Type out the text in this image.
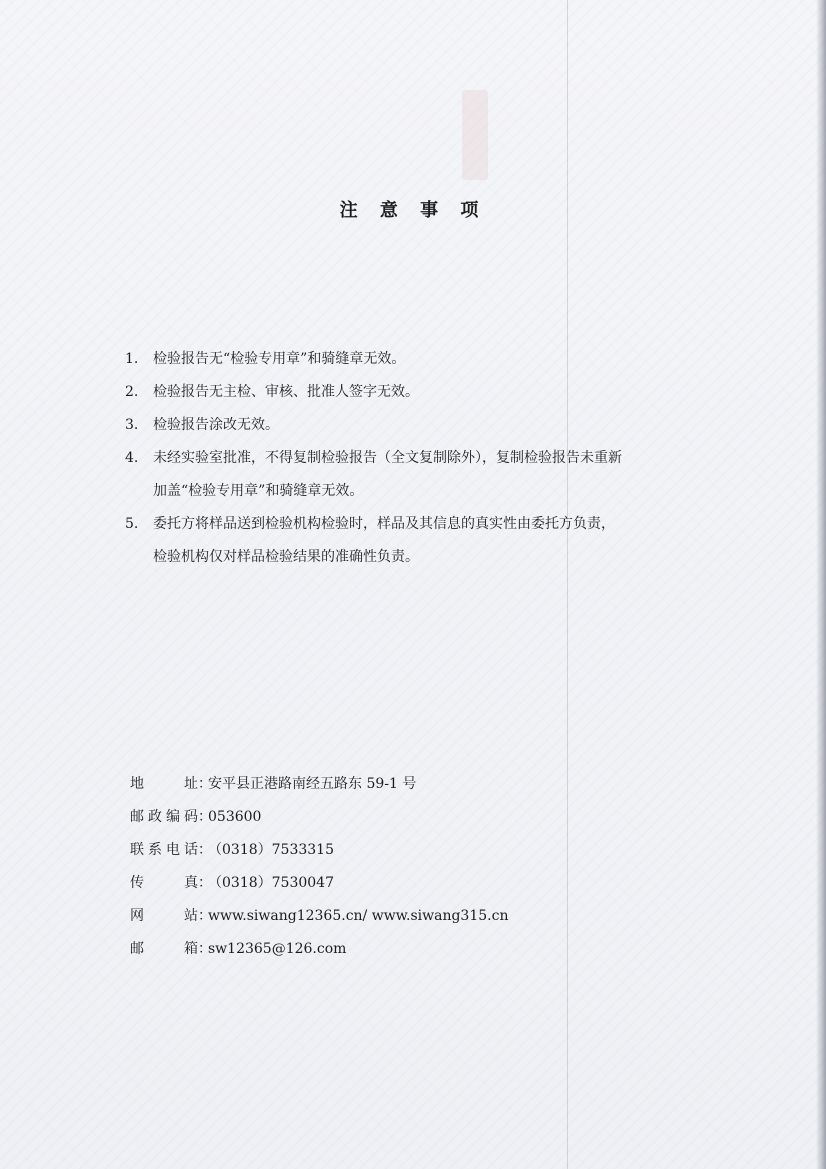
注 意 事 项
1. 检验报告无“检验专用章”和骑缝章无效。
2. 检验报告无主检、审核、批准人签字无效。
3. 检验报告涂改无效。
4. 未经实验室批准，不得复制检验报告（全文复制除外），复制检验报告未重新
加盖“检验专用章”和骑缝章无效。
5. 委托方将样品送到检验机构检验时，样品及其信息的真实性由委托方负责，
检验机构仅对样品检验结果的准确性负责。
地址 ：
安平县正港路南经五路东 59-1 号
邮政编码 ：
053600
联系电话 ：
（0318）7533315
传真 ：
（0318）7530047
网站 ：
www.siwang12365.cn/ www.siwang315.cn
邮箱 ：
sw12365@126.com
